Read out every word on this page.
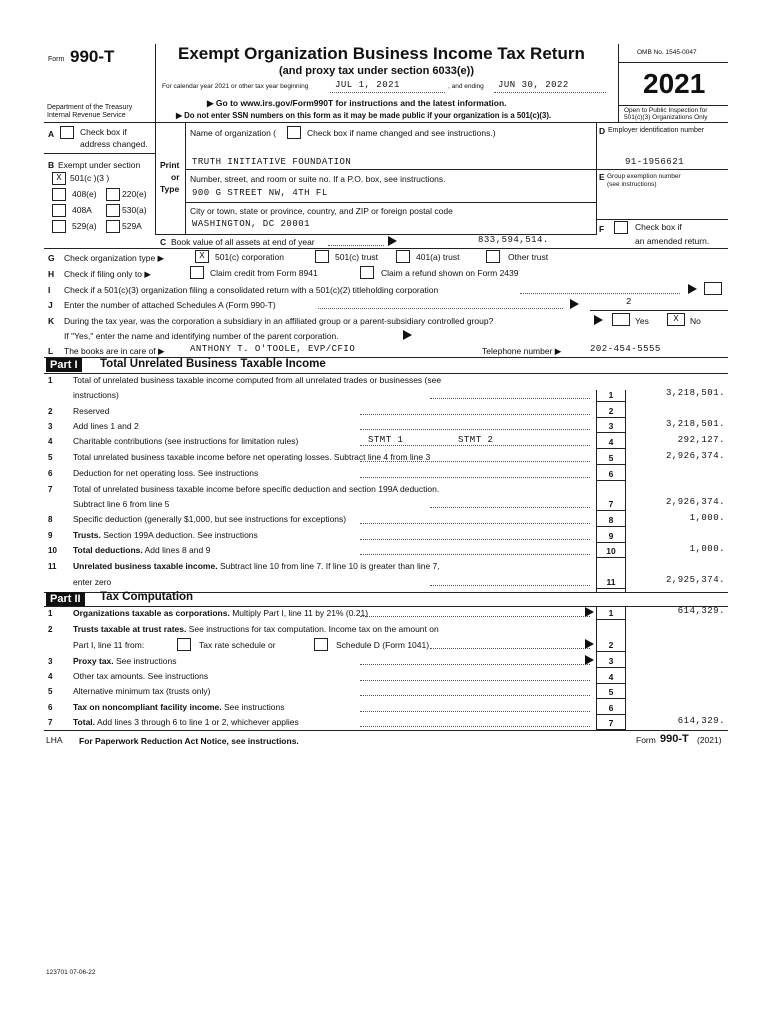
Form 990-T	Exempt Organization Business Income Tax Return
(and proxy tax under section 6033(e))
For calendar year 2021 or other tax year beginning	JUL 1, 2021	, and ending JUN 30, 2022
▶ Go to www.irs.gov/Form990T for instructions and the latest information.
▶ Do not enter SSN numbers on this form as it may be made public if your organization is a 501(c)(3).
Department of the Treasury
Internal Revenue Service
OMB No. 1545-0047
2021
Open to Public Inspection for
501(c)(3) Organizations Only
A	Check box if
address changed.
B Exempt under section
X 501(c )(3 )
408(e)	220(e)
408A	530(a)
529(a)	529A
Print
or
Type
Name of organization (	Check box if name changed and see instructions.)
TRUTH INITIATIVE FOUNDATION
Number, street, and room or suite no. If a P.O. box, see instructions.
900 G STREET NW, 4TH FL
City or town, state or province, country, and ZIP or foreign postal code
WASHINGTON, DC 20001
D Employer identification number
91-1956621
E Group exemption number
(see instructions)
F	Check box if
an amended return.
C Book value of all assets at end of year	833,594,514.
G Check organization type ▶	X	501(c) corporation	501(c) trust	401(a) trust	Other trust
H Check if filing only to ▶	Claim credit from Form 8941	Claim a refund shown on Form 2439
I Check if a 501(c)(3) organization filing a consolidated return with a 501(c)(2) titleholding corporation
J Enter the number of attached Schedules A (Form 990-T)	2
K During the tax year, was the corporation a subsidiary in an affiliated group or a parent-subsidiary controlled group?	Yes	X	No
If "Yes," enter the name and identifying number of the parent corporation.
L The books are in care of ▶	ANTHONY T. O'TOOLE, EVP/CFIO	Telephone number ▶	202-454-5555
Part I	Total Unrelated Business Taxable Income
1 Total of unrelated business taxable income computed from all unrelated trades or businesses (see
instructions)	1	3,218,501.
2 Reserved	2
3 Add lines 1 and 2	3	3,218,501.
4 Charitable contributions (see instructions for limitation rules)	STMT 1	STMT 2	4	292,127.
5 Total unrelated business taxable income before net operating losses. Subtract line 4 from line 3	5	2,926,374.
6 Deduction for net operating loss. See instructions	6
7 Total of unrelated business taxable income before specific deduction and section 199A deduction.
Subtract line 6 from line 5	7	2,926,374.
8 Specific deduction (generally $1,000, but see instructions for exceptions)	8	1,000.
9 Trusts. Section 199A deduction. See instructions	9
10 Total deductions. Add lines 8 and 9	10	1,000.
11 Unrelated business taxable income. Subtract line 10 from line 7. If line 10 is greater than line 7,
enter zero	11	2,925,374.
Part II	Tax Computation
1 Organizations taxable as corporations. Multiply Part I, line 11 by 21% (0.21)	1	614,329.
2 Trusts taxable at trust rates. See instructions for tax computation. Income tax on the amount on
Part I, line 11 from:	Tax rate schedule or	Schedule D (Form 1041)	2
3 Proxy tax. See instructions	3
4 Other tax amounts. See instructions	4
5 Alternative minimum tax (trusts only)	5
6 Tax on noncompliant facility income. See instructions	6
7 Total. Add lines 3 through 6 to line 1 or 2, whichever applies	7	614,329.
LHA For Paperwork Reduction Act Notice, see instructions.	Form 990-T (2021)
123701 07-06-22
